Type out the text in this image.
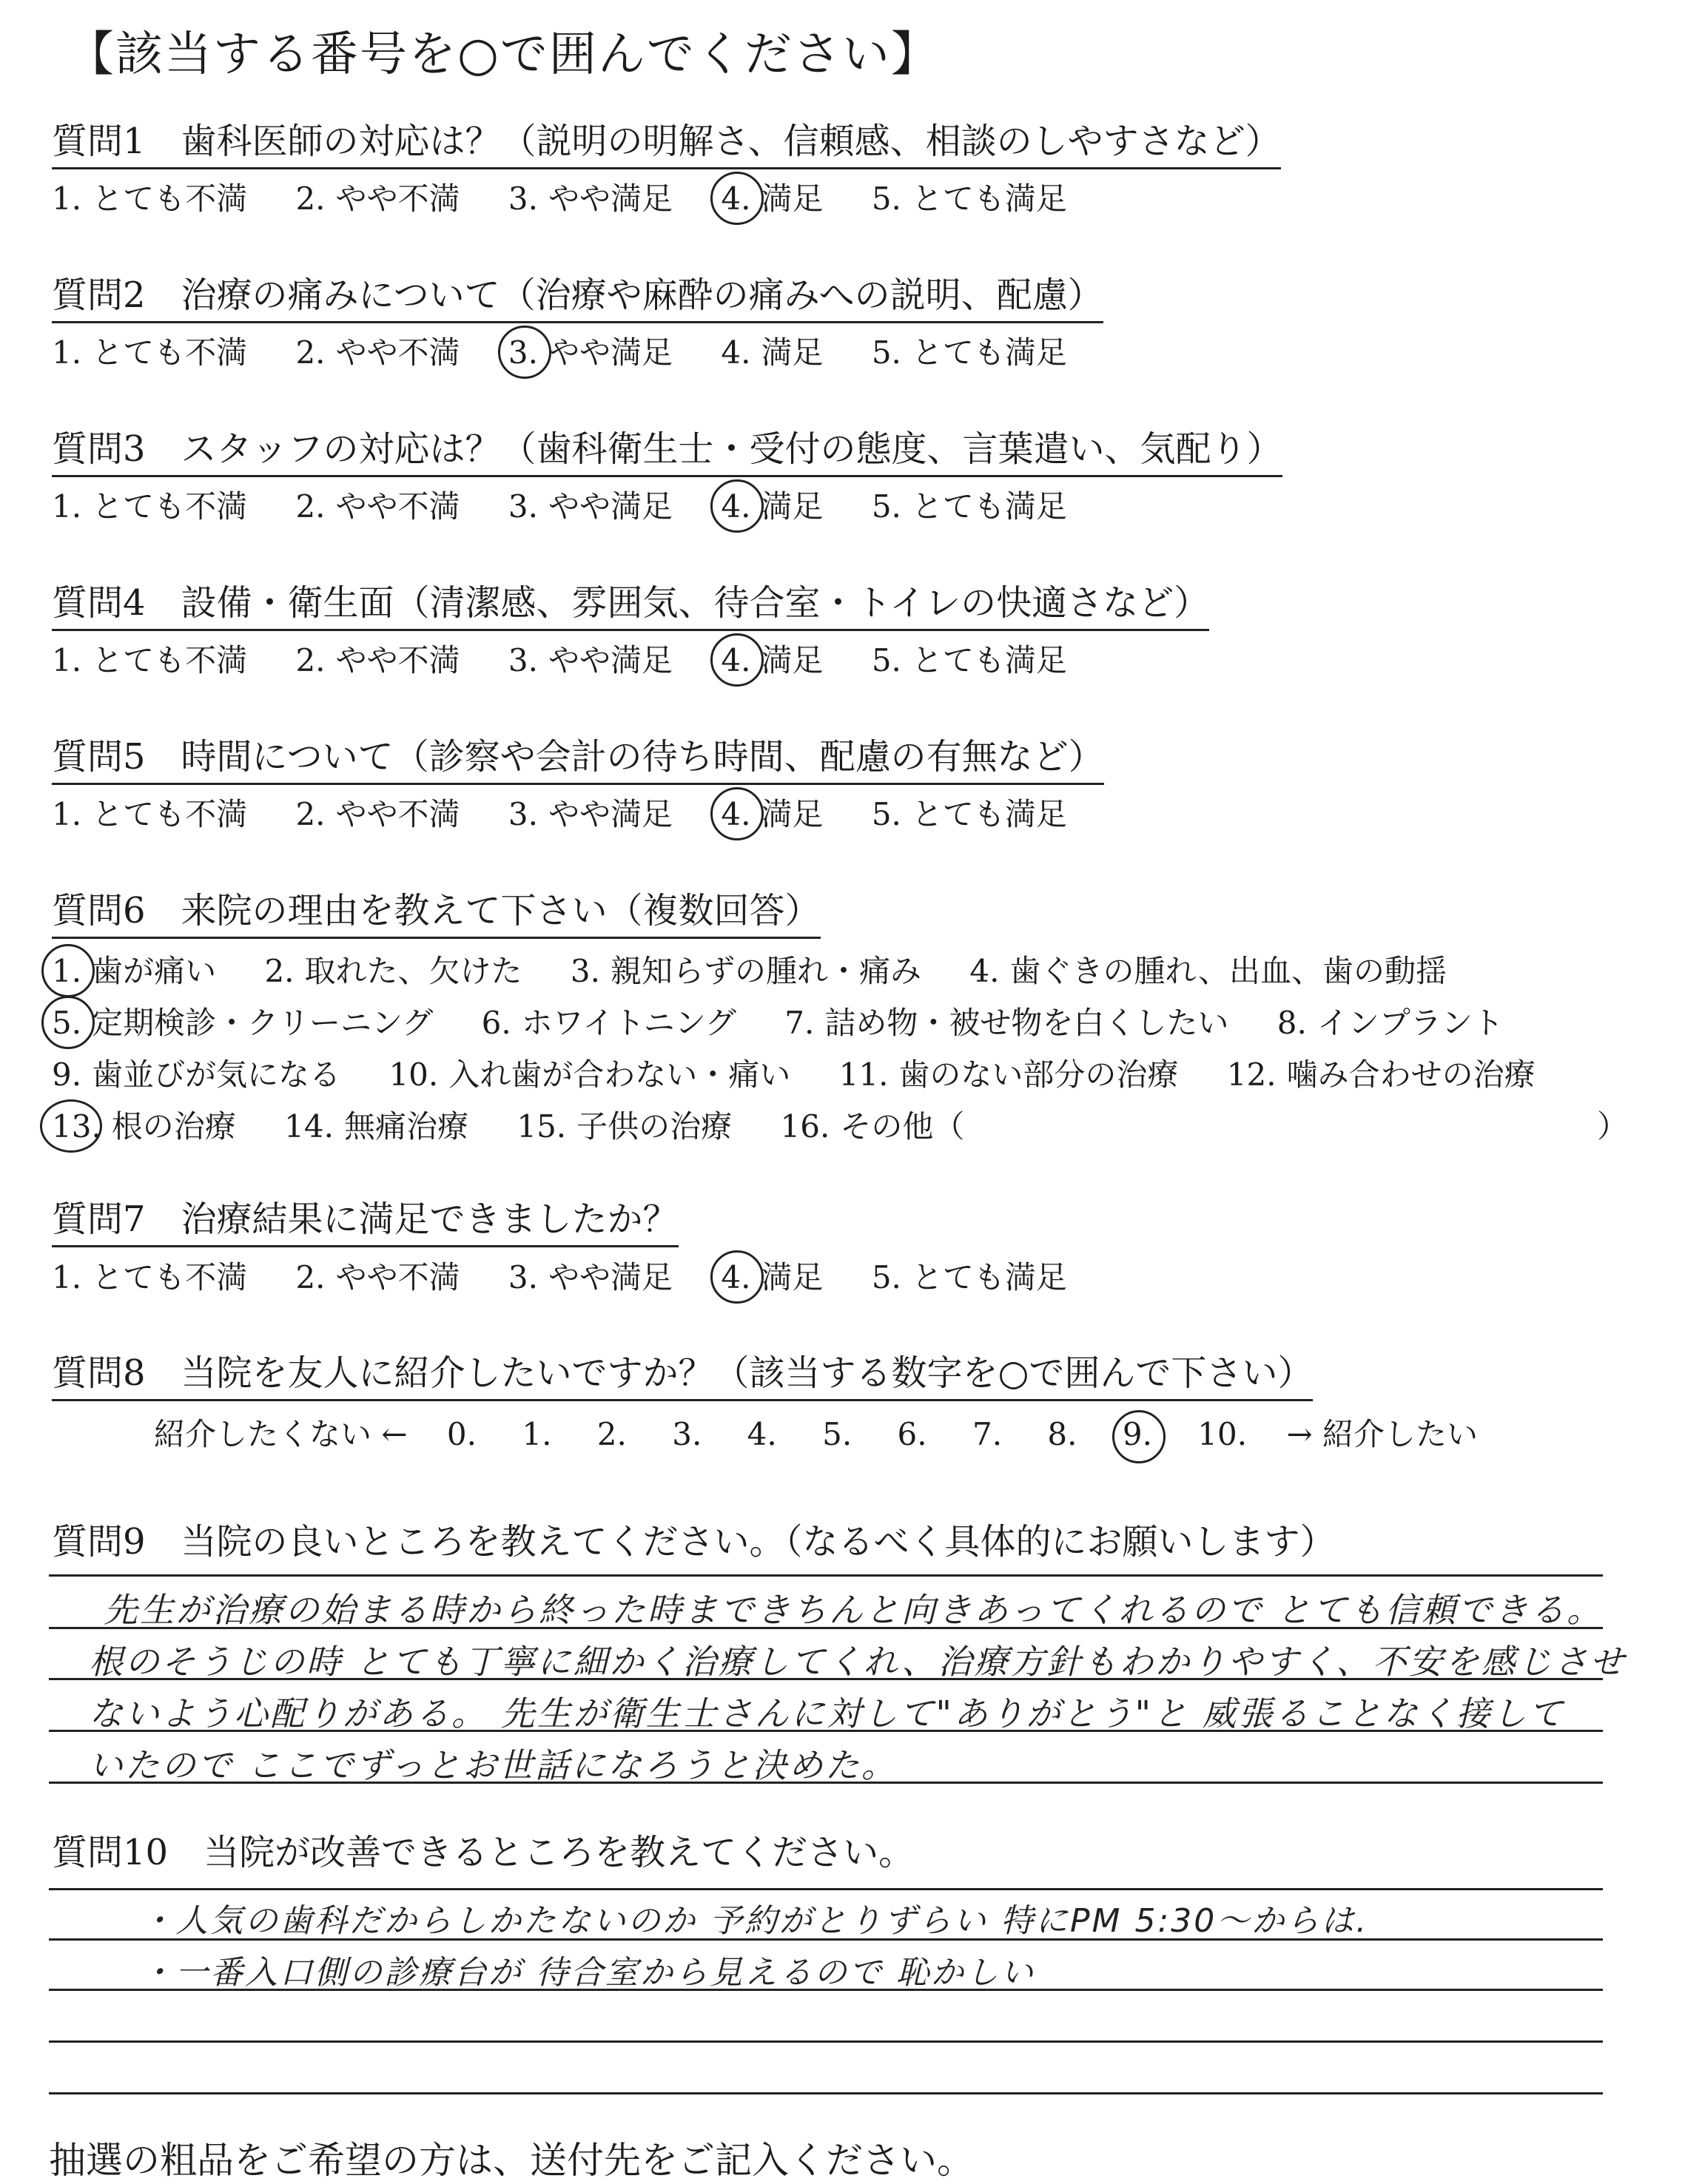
【該当する番号を○で囲んでください】
質問1　歯科医師の対応は？（説明の明解さ、信頼感、相談のしやすさなど）
1. とても不満 2. やや不満 3. やや満足 4. 満足 5. とても満足
質問2　治療の痛みについて（治療や麻酔の痛みへの説明、配慮）
1. とても不満 2. やや不満 3. やや満足 4. 満足 5. とても満足
質問3　スタッフの対応は？（歯科衛生士・受付の態度、言葉遣い、気配り）
1. とても不満 2. やや不満 3. やや満足 4. 満足 5. とても満足
質問4　設備・衛生面（清潔感、雰囲気、待合室・トイレの快適さなど）
1. とても不満 2. やや不満 3. やや満足 4. 満足 5. とても満足
質問5　時間について（診察や会計の待ち時間、配慮の有無など）
1. とても不満 2. やや不満 3. やや満足 4. 満足 5. とても満足
質問6　来院の理由を教えて下さい（複数回答）
1. 歯が痛い 2. 取れた、欠けた 3. 親知らずの腫れ・痛み 4. 歯ぐきの腫れ、出血、歯の動揺
5. 定期検診・クリーニング 6. ホワイトニング 7. 詰め物・被せ物を白くしたい 8. インプラント
9. 歯並びが気になる 10. 入れ歯が合わない・痛い 11. 歯のない部分の治療 12. 噛み合わせの治療
13. 根の治療 14. 無痛治療 15. 子供の治療 16. その他（	）
質問7　治療結果に満足できましたか？
1. とても不満 2. やや不満 3. やや満足 4. 満足 5. とても満足
質問8　当院を友人に紹介したいですか？（該当する数字を○で囲んで下さい）
紹介したくない ← 0. 1. 2. 3. 4. 5. 6. 7. 8. 9. 10. → 紹介したい
質問9　当院の良いところを教えてください。（なるべく具体的にお願いします）
先生が治療の始まる時から終った時まできちんと向きあってくれるので とても信頼できる。
根のそうじの時 とても丁寧に細かく治療してくれ、治療方針もわかりやすく、不安を感じさせ
ないよう心配りがある。 先生が衛生士さんに対して"ありがとう"と 威張ることなく接して
いたので ここでずっとお世話になろうと決めた。
質問10　当院が改善できるところを教えてください。
・人気の歯科だからしかたないのか 予約がとりずらい 特にPM 5:30～からは.
・一番入口側の診療台が 待合室から見えるので 恥かしい
抽選の粗品をご希望の方は、送付先をご記入ください。
